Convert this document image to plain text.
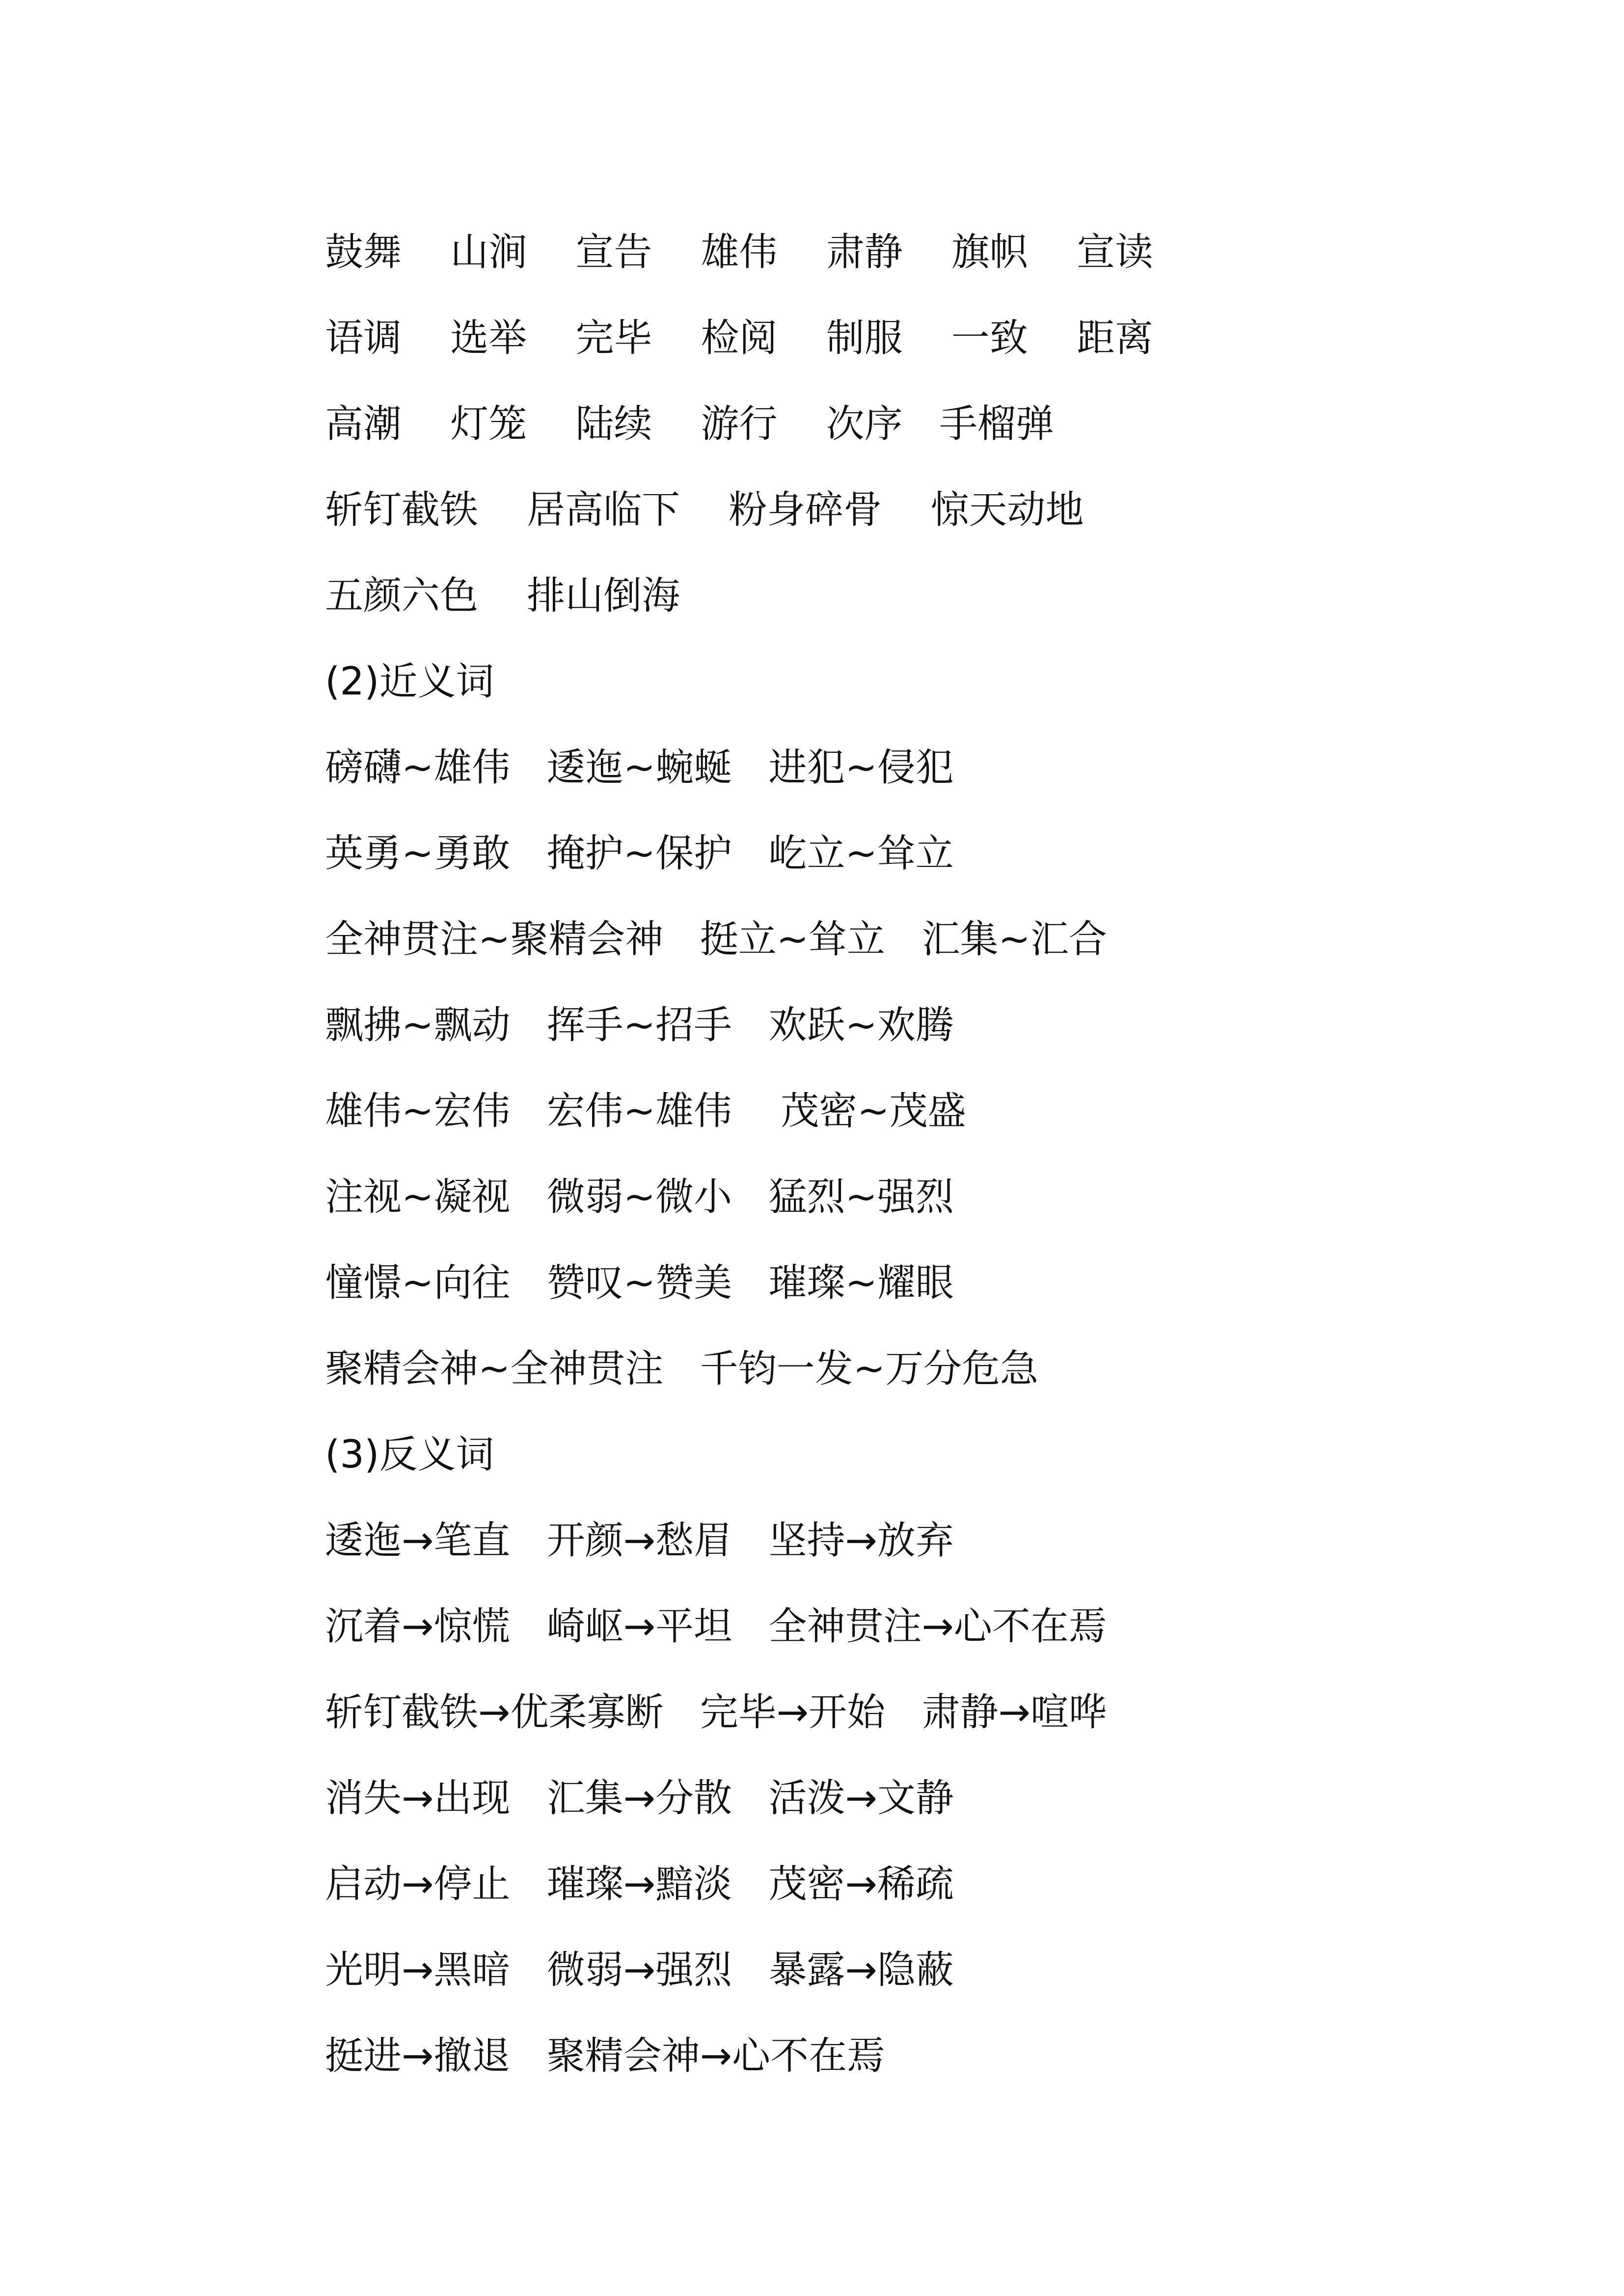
鼓舞    山涧    宣告    雄伟    肃静    旗帜    宣读
语调    选举    完毕    检阅    制服    一致    距离
高潮    灯笼    陆续    游行    次序   手榴弹
斩钉截铁    居高临下    粉身碎骨    惊天动地
五颜六色    排山倒海
(2)近义词
磅礴~雄伟   逶迤~蜿蜒   进犯~侵犯
英勇~勇敢   掩护~保护   屹立~耸立
全神贯注~聚精会神   挺立~耸立   汇集~汇合
飘拂~飘动   挥手~招手   欢跃~欢腾
雄伟~宏伟   宏伟~雄伟    茂密~茂盛
注视~凝视   微弱~微小   猛烈~强烈
憧憬~向往   赞叹~赞美   璀璨~耀眼
聚精会神~全神贯注   千钧一发~万分危急
(3)反义词
逶迤→笔直   开颜→愁眉   坚持→放弃
沉着→惊慌   崎岖→平坦   全神贯注→心不在焉
斩钉截铁→优柔寡断   完毕→开始   肃静→喧哗
消失→出现   汇集→分散   活泼→文静
启动→停止   璀璨→黯淡   茂密→稀疏
光明→黑暗   微弱→强烈   暴露→隐蔽
挺进→撤退   聚精会神→心不在焉
